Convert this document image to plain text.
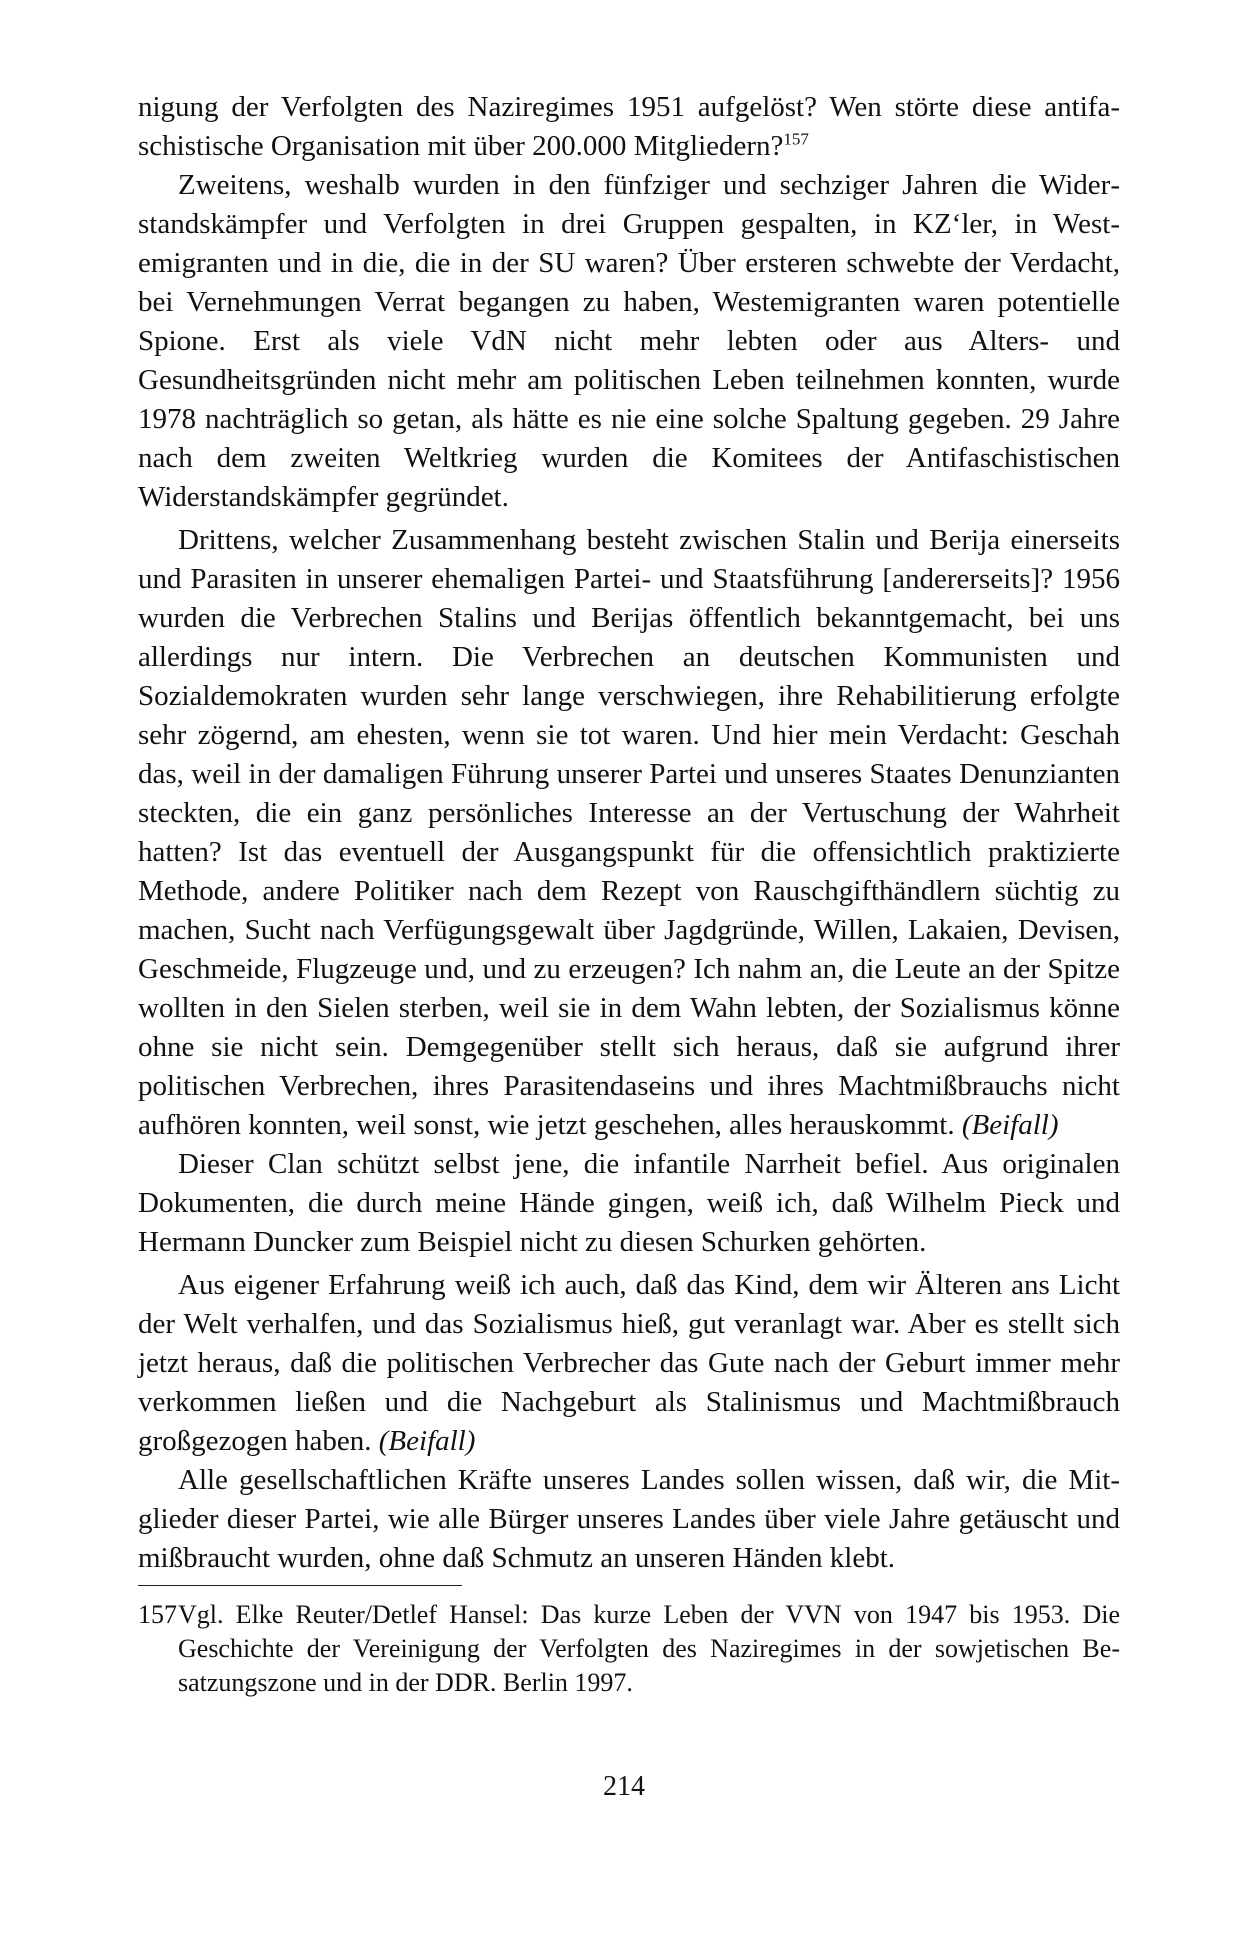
nigung der Verfolgten des Naziregimes 1951 aufgelöst? Wen störte diese antifaschistische Organisation mit über 200.000 Mitgliedern?$^{157}$

Zweitens, weshalb wurden in den fünfziger und sechziger Jahren die Widerstandskämpfer und Verfolgten in drei Gruppen gespalten, in KZ‘ler, in Westemigranten und in die, die in der SU waren? Über ersteren schwebte der Verdacht, bei Vernehmungen Verrat begangen zu haben, Westemigranten waren potentielle Spione. Erst als viele VdN nicht mehr lebten oder aus Alters- und Gesundheitsgründen nicht mehr am politischen Leben teilnehmen konnten, wurde 1978 nachträglich so getan, als hätte es nie eine solche Spaltung gegeben. 29 Jahre nach dem zweiten Weltkrieg wurden die Komitees der Antifaschistischen Widerstandskämpfer gegründet.

Drittens, welcher Zusammenhang besteht zwischen Stalin und Berija einerseits und Parasiten in unserer ehemaligen Partei- und Staatsführung [andererseits]? 1956 wurden die Verbrechen Stalins und Berijas öffentlich bekanntgemacht, bei uns allerdings nur intern. Die Verbrechen an deutschen Kommunisten und Sozialdemokraten wurden sehr lange verschwiegen, ihre Rehabilitierung erfolgte sehr zögernd, am ehesten, wenn sie tot waren. Und hier mein Verdacht: Geschah das, weil in der damaligen Führung unserer Partei und unseres Staates Denunzianten steckten, die ein ganz persönliches Interesse an der Vertuschung der Wahrheit hatten? Ist das eventuell der Ausgangspunkt für die offensichtlich praktizierte Methode, andere Politiker nach dem Rezept von Rauschgifthändlern süchtig zu machen, Sucht nach Verfügungsgewalt über Jagdgründe, Willen, Lakaien, Devisen, Geschmeide, Flugzeuge und, und zu erzeugen? Ich nahm an, die Leute an der Spitze wollten in den Sielen sterben, weil sie in dem Wahn lebten, der Sozialismus könne ohne sie nicht sein. Demgegenüber stellt sich heraus, daß sie aufgrund ihrer politischen Verbrechen, ihres Parasitendaseins und ihres Machtmißbrauchs nicht aufhören konnten, weil sonst, wie jetzt geschehen, alles herauskommt. (Beifall)

Dieser Clan schützt selbst jene, die infantile Narrheit befiel. Aus originalen Dokumenten, die durch meine Hände gingen, weiß ich, daß Wilhelm Pieck und Hermann Duncker zum Beispiel nicht zu diesen Schurken gehörten.

Aus eigener Erfahrung weiß ich auch, daß das Kind, dem wir Älteren ans Licht der Welt verhalfen, und das Sozialismus hieß, gut veranlagt war. Aber es stellt sich jetzt heraus, daß die politischen Verbrecher das Gute nach der Geburt immer mehr verkommen ließen und die Nachgeburt als Stalinismus und Machtmißbrauch großgezogen haben. (Beifall)

Alle gesellschaftlichen Kräfte unseres Landes sollen wissen, daß wir, die Mitglieder dieser Partei, wie alle Bürger unseres Landes über viele Jahre getäuscht und mißbraucht wurden, ohne daß Schmutz an unseren Händen klebt.

157 Vgl. Elke Reuter/Detlef Hansel: Das kurze Leben der VVN von 1947 bis 1953. Die Geschichte der Vereinigung der Verfolgten des Naziregimes in der sowjetischen Besatzungszone und in der DDR. Berlin 1997.
214
